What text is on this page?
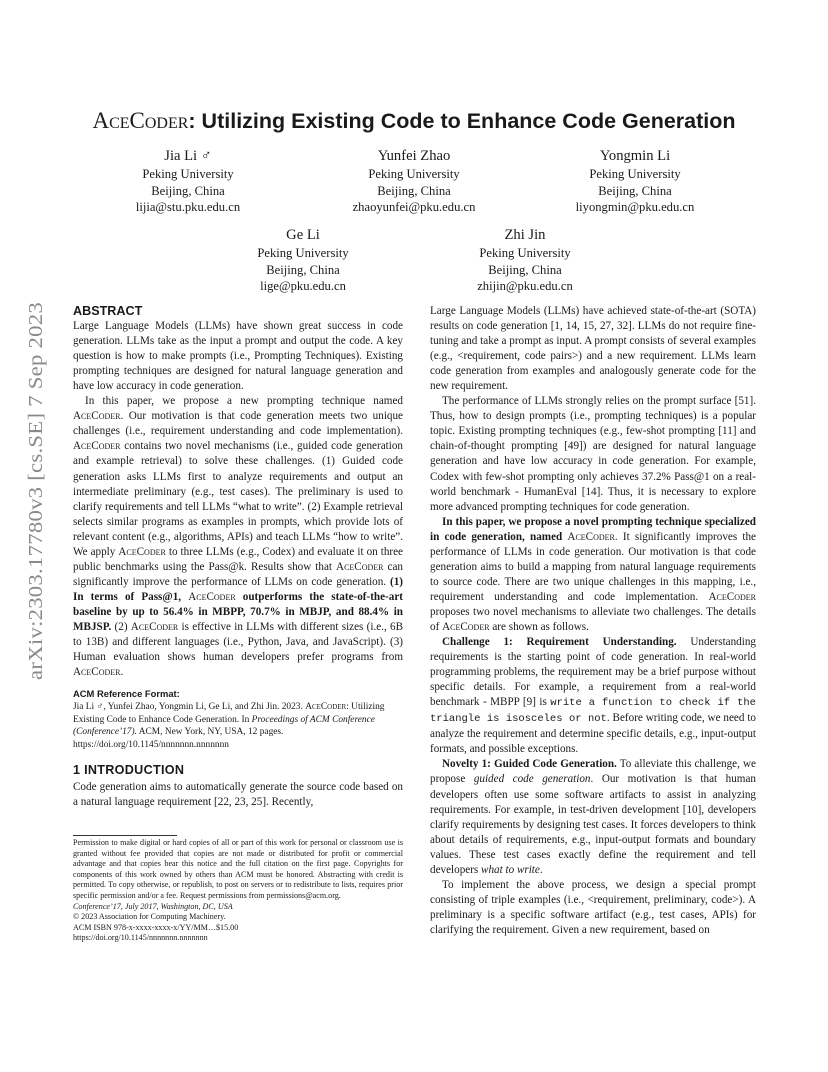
arXiv:2303.17780v3 [cs.SE] 7 Sep 2023
AceCoder: Utilizing Existing Code to Enhance Code Generation
Jia Li ♂
Peking University
Beijing, China
lijia@stu.pku.edu.cn
Yunfei Zhao
Peking University
Beijing, China
zhaoyunfei@pku.edu.cn
Yongmin Li
Peking University
Beijing, China
liyongmin@pku.edu.cn
Ge Li
Peking University
Beijing, China
lige@pku.edu.cn
Zhi Jin
Peking University
Beijing, China
zhijin@pku.edu.cn

ABSTRACT

Large Language Models (LLMs) have shown great success in code generation. LLMs take as the input a prompt and output the code. A key question is how to make prompts (i.e., Prompting Techniques). Existing prompting techniques are designed for natural language generation and have low accuracy in code generation.

In this paper, we propose a new prompting technique named AceCoder. Our motivation is that code generation meets two unique challenges (i.e., requirement understanding and code implementation). AceCoder contains two novel mechanisms (i.e., guided code generation and example retrieval) to solve these challenges. (1) Guided code generation asks LLMs first to analyze requirements and output an intermediate preliminary (e.g., test cases). The preliminary is used to clarify requirements and tell LLMs “what to write”. (2) Example retrieval selects similar programs as examples in prompts, which provide lots of relevant content (e.g., algorithms, APIs) and teach LLMs “how to write”. We apply AceCoder to three LLMs (e.g., Codex) and evaluate it on three public benchmarks using the Pass@k. Results show that AceCoder can significantly improve the performance of LLMs on code generation. (1) In terms of Pass@1, AceCoder outperforms the state-of-the-art baseline by up to 56.4% in MBPP, 70.7% in MBJP, and 88.4% in MBJSP. (2) AceCoder is effective in LLMs with different sizes (i.e., 6B to 13B) and different languages (i.e., Python, Java, and JavaScript). (3) Human evaluation shows human developers prefer programs from AceCoder.

ACM Reference Format:

Jia Li ♂, Yunfei Zhao, Yongmin Li, Ge Li, and Zhi Jin. 2023. AceCoder: Utilizing Existing Code to Enhance Code Generation. In Proceedings of ACM Conference (Conference’17). ACM, New York, NY, USA, 12 pages. https://doi.org/10.1145/nnnnnnn.nnnnnnn

1 INTRODUCTION

Code generation aims to automatically generate the source code based on a natural language requirement [22, 23, 25]. Recently,

Permission to make digital or hard copies of all or part of this work for personal or classroom use is granted without fee provided that copies are not made or distributed for profit or commercial advantage and that copies bear this notice and the full citation on the first page. Copyrights for components of this work owned by others than ACM must be honored. Abstracting with credit is permitted. To copy otherwise, or republish, to post on servers or to redistribute to lists, requires prior specific permission and/or a fee. Request permissions from permissions@acm.org.

Conference’17, July 2017, Washington, DC, USA

© 2023 Association for Computing Machinery.

ACM ISBN 978-x-xxxx-xxxx-x/YY/MM…$15.00

https://doi.org/10.1145/nnnnnnn.nnnnnnn

Large Language Models (LLMs) have achieved state-of-the-art (SOTA) results on code generation [1, 14, 15, 27, 32]. LLMs do not require fine-tuning and take a prompt as input. A prompt consists of several examples (e.g., <requirement, code pairs>) and a new requirement. LLMs learn code generation from examples and analogously generate code for the new requirement.

The performance of LLMs strongly relies on the prompt surface [51]. Thus, how to design prompts (i.e., prompting techniques) is a popular topic. Existing prompting techniques (e.g., few-shot prompting [11] and chain-of-thought prompting [49]) are designed for natural language generation and have low accuracy in code generation. For example, Codex with few-shot prompting only achieves 37.2% Pass@1 on a real-world benchmark - HumanEval [14]. Thus, it is necessary to explore more advanced prompting techniques for code generation.

In this paper, we propose a novel prompting technique specialized in code generation, named AceCoder. It significantly improves the performance of LLMs in code generation. Our motivation is that code generation aims to build a mapping from natural language requirements to source code. There are two unique challenges in this mapping, i.e., requirement understanding and code implementation. AceCoder proposes two novel mechanisms to alleviate two challenges. The details of AceCoder are shown as follows.

Challenge 1: Requirement Understanding. Understanding requirements is the starting point of code generation. In real-world programming problems, the requirement may be a brief purpose without specific details. For example, a requirement from a real-world benchmark - MBPP [9] is write a function to check if the triangle is isosceles or not. Before writing code, we need to analyze the requirement and determine specific details, e.g., input-output formats, and possible exceptions.

Novelty 1: Guided Code Generation. To alleviate this challenge, we propose guided code generation. Our motivation is that human developers often use some software artifacts to assist in analyzing requirements. For example, in test-driven development [10], developers clarify requirements by designing test cases. It forces developers to think about details of requirements, e.g., input-output formats and boundary values. These test cases exactly define the requirement and tell developers what to write.

To implement the above process, we design a special prompt consisting of triple examples (i.e., <requirement, preliminary, code>). A preliminary is a specific software artifact (e.g., test cases, APIs) for clarifying the requirement. Given a new requirement, based on
